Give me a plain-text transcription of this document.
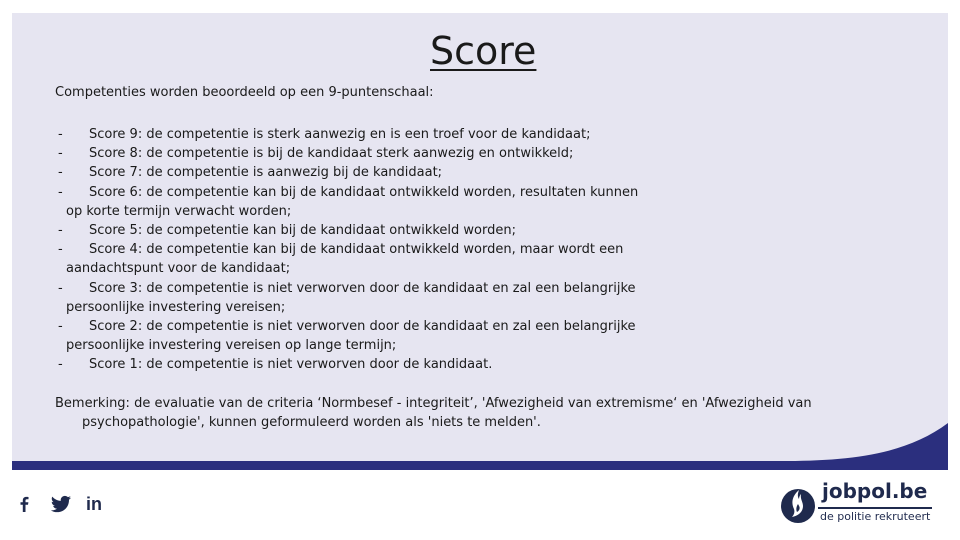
Score
Competenties worden beoordeeld op een 9-puntenschaal:
-	Score 9: de competentie is sterk aanwezig en is een troef voor de kandidaat;
-	Score 8: de competentie is bij de kandidaat sterk aanwezig en ontwikkeld;
-	Score 7: de competentie is aanwezig bij de kandidaat;
-	Score 6: de competentie kan bij de kandidaat ontwikkeld worden, resultaten kunnen
op korte termijn verwacht worden;
-	Score 5: de competentie kan bij de kandidaat ontwikkeld worden;
-	Score 4: de competentie kan bij de kandidaat ontwikkeld worden, maar wordt een
aandachtspunt voor de kandidaat;
-	Score 3: de competentie is niet verworven door de kandidaat en zal een belangrijke
persoonlijke investering vereisen;
-	Score 2: de competentie is niet verworven door de kandidaat en zal een belangrijke
persoonlijke investering vereisen op lange termijn;
-	Score 1: de competentie is niet verworven door de kandidaat.
Bemerking: de evaluatie van de criteria ‘Normbesef - integriteit’, 'Afwezigheid van extremisme‘ en 'Afwezigheid van
psychopathologie', kunnen geformuleerd worden als 'niets te melden'.
in
jobpol.be
de politie rekruteert
